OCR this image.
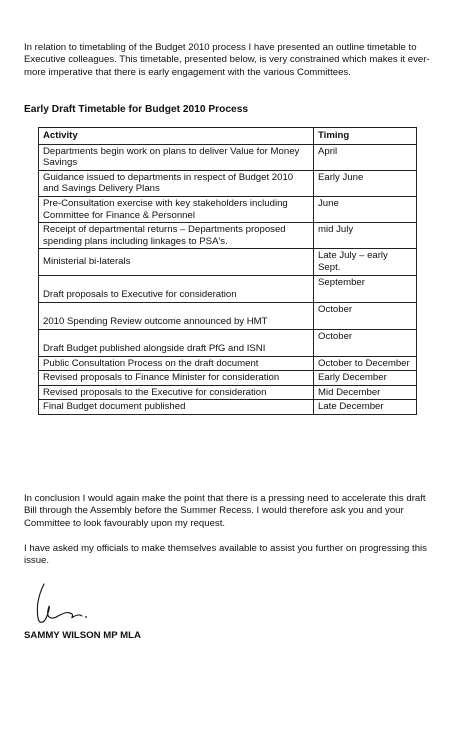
In relation to timetabling of the Budget 2010 process I have presented an outline timetable to Executive colleagues. This timetable, presented below, is very constrained which makes it ever-more imperative that there is early engagement with the various Committees.

Early Draft Timetable for Budget 2010 Process

Activity	Timing
Departments begin work on plans to deliver Value for Money Savings	April
Guidance issued to departments in respect of Budget 2010 and Savings Delivery Plans	Early June
Pre-Consultation exercise with key stakeholders including Committee for Finance & Personnel	June
Receipt of departmental returns – Departments proposed spending plans including linkages to PSA's.	mid July
Ministerial bi-laterals	Late July – early Sept.
Draft proposals to Executive for consideration	September
2010 Spending Review outcome announced by HMT	October
Draft Budget published alongside draft PfG and ISNI	October
Public Consultation Process on the draft document	October to December
Revised proposals to Finance Minister for consideration	Early December
Revised proposals to the Executive for consideration	Mid December
Final Budget document published	Late December

In conclusion I would again make the point that there is a pressing need to accelerate this draft Bill through the Assembly before the Summer Recess. I would therefore ask you and your Committee to look favourably upon my request.

I have asked my officials to make themselves available to assist you further on progressing this issue.

SAMMY WILSON MP MLA
